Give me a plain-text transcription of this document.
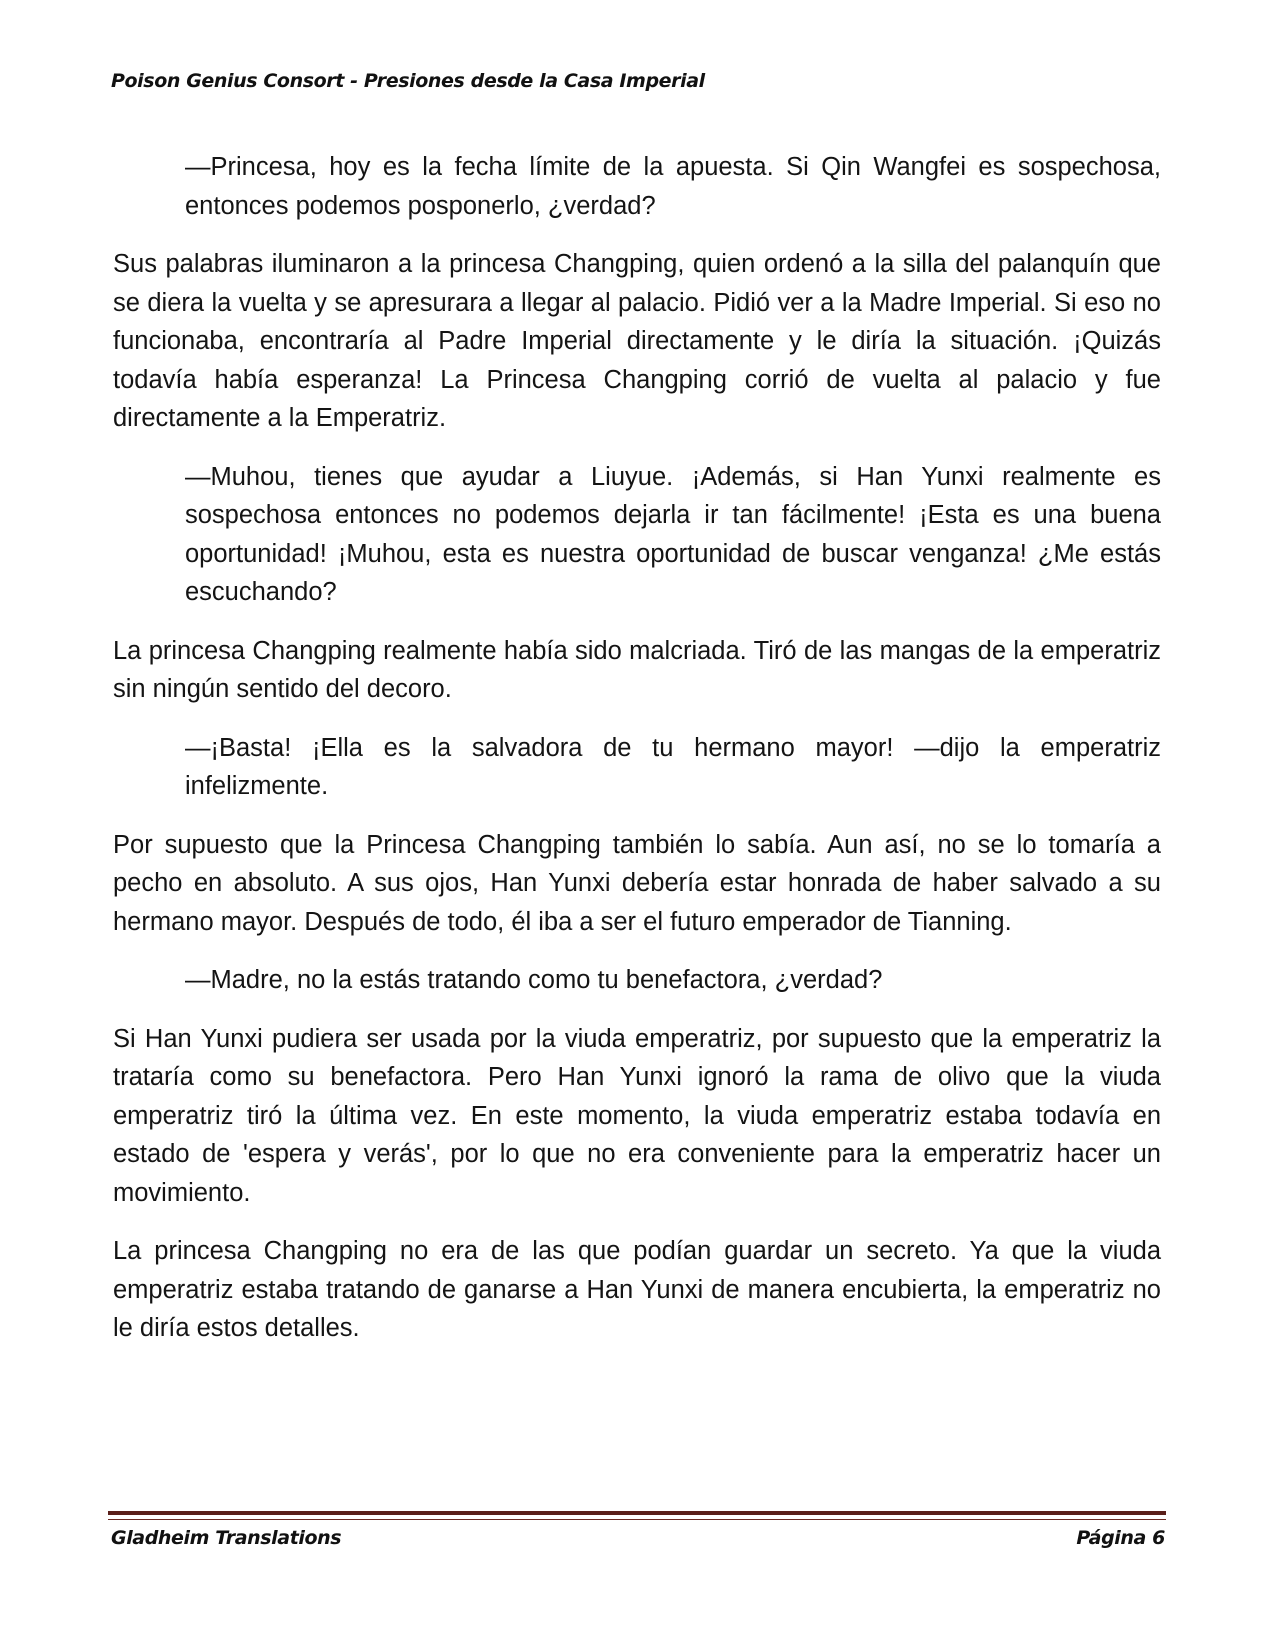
Poison Genius Consort - Presiones desde la Casa Imperial

—Princesa, hoy es la fecha límite de la apuesta. Si Qin Wangfei es sospechosa, entonces podemos posponerlo, ¿verdad?

Sus palabras iluminaron a la princesa Changping, quien ordenó a la silla del palanquín que se diera la vuelta y se apresurara a llegar al palacio. Pidió ver a la Madre Imperial. Si eso no funcionaba, encontraría al Padre Imperial directamente y le diría la situación. ¡Quizás todavía había esperanza! La Princesa Changping corrió de vuelta al palacio y fue directamente a la Emperatriz.

—Muhou, tienes que ayudar a Liuyue. ¡Además, si Han Yunxi realmente es sospechosa entonces no podemos dejarla ir tan fácilmente! ¡Esta es una buena oportunidad! ¡Muhou, esta es nuestra oportunidad de buscar venganza! ¿Me estás escuchando?

La princesa Changping realmente había sido malcriada. Tiró de las mangas de la emperatriz sin ningún sentido del decoro.

—¡Basta! ¡Ella es la salvadora de tu hermano mayor! —dijo la emperatriz infelizmente.

Por supuesto que la Princesa Changping también lo sabía. Aun así, no se lo tomaría a pecho en absoluto. A sus ojos, Han Yunxi debería estar honrada de haber salvado a su hermano mayor. Después de todo, él iba a ser el futuro emperador de Tianning.

—Madre, no la estás tratando como tu benefactora, ¿verdad?

Si Han Yunxi pudiera ser usada por la viuda emperatriz, por supuesto que la emperatriz la trataría como su benefactora. Pero Han Yunxi ignoró la rama de olivo que la viuda emperatriz tiró la última vez. En este momento, la viuda emperatriz estaba todavía en estado de 'espera y verás', por lo que no era conveniente para la emperatriz hacer un movimiento.

La princesa Changping no era de las que podían guardar un secreto. Ya que la viuda emperatriz estaba tratando de ganarse a Han Yunxi de manera encubierta, la emperatriz no le diría estos detalles.

Gladheim Translations	Página 6
